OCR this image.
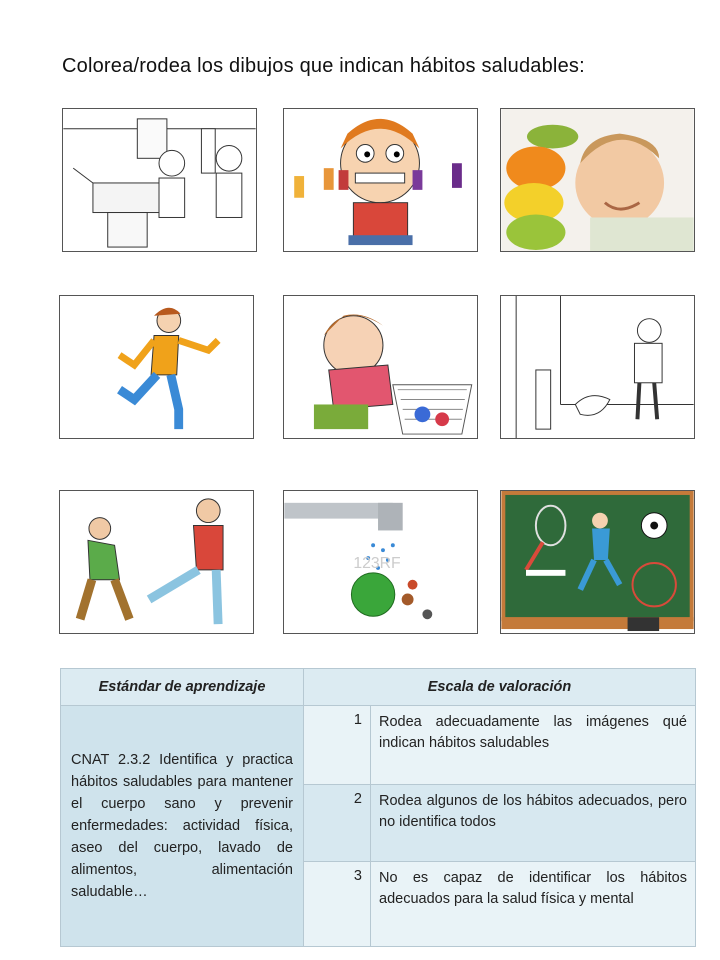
Colorea/rodea los dibujos que indican hábitos saludables:
123RF
Estándar de aprendizaje	Escala de valoración	
CNAT 2.3.2 Identifica y practica hábitos saludables para mantener el cuerpo sano y prevenir enfermedades: actividad física, aseo del cuerpo, lavado de alimentos, alimentación saludable…	1	Rodea adecuadamente las imágenes qué indican hábitos saludables
	2	Rodea algunos de los hábitos adecuados, pero no identifica todos
	3	No es capaz de identificar los hábitos adecuados para la salud física y mental
